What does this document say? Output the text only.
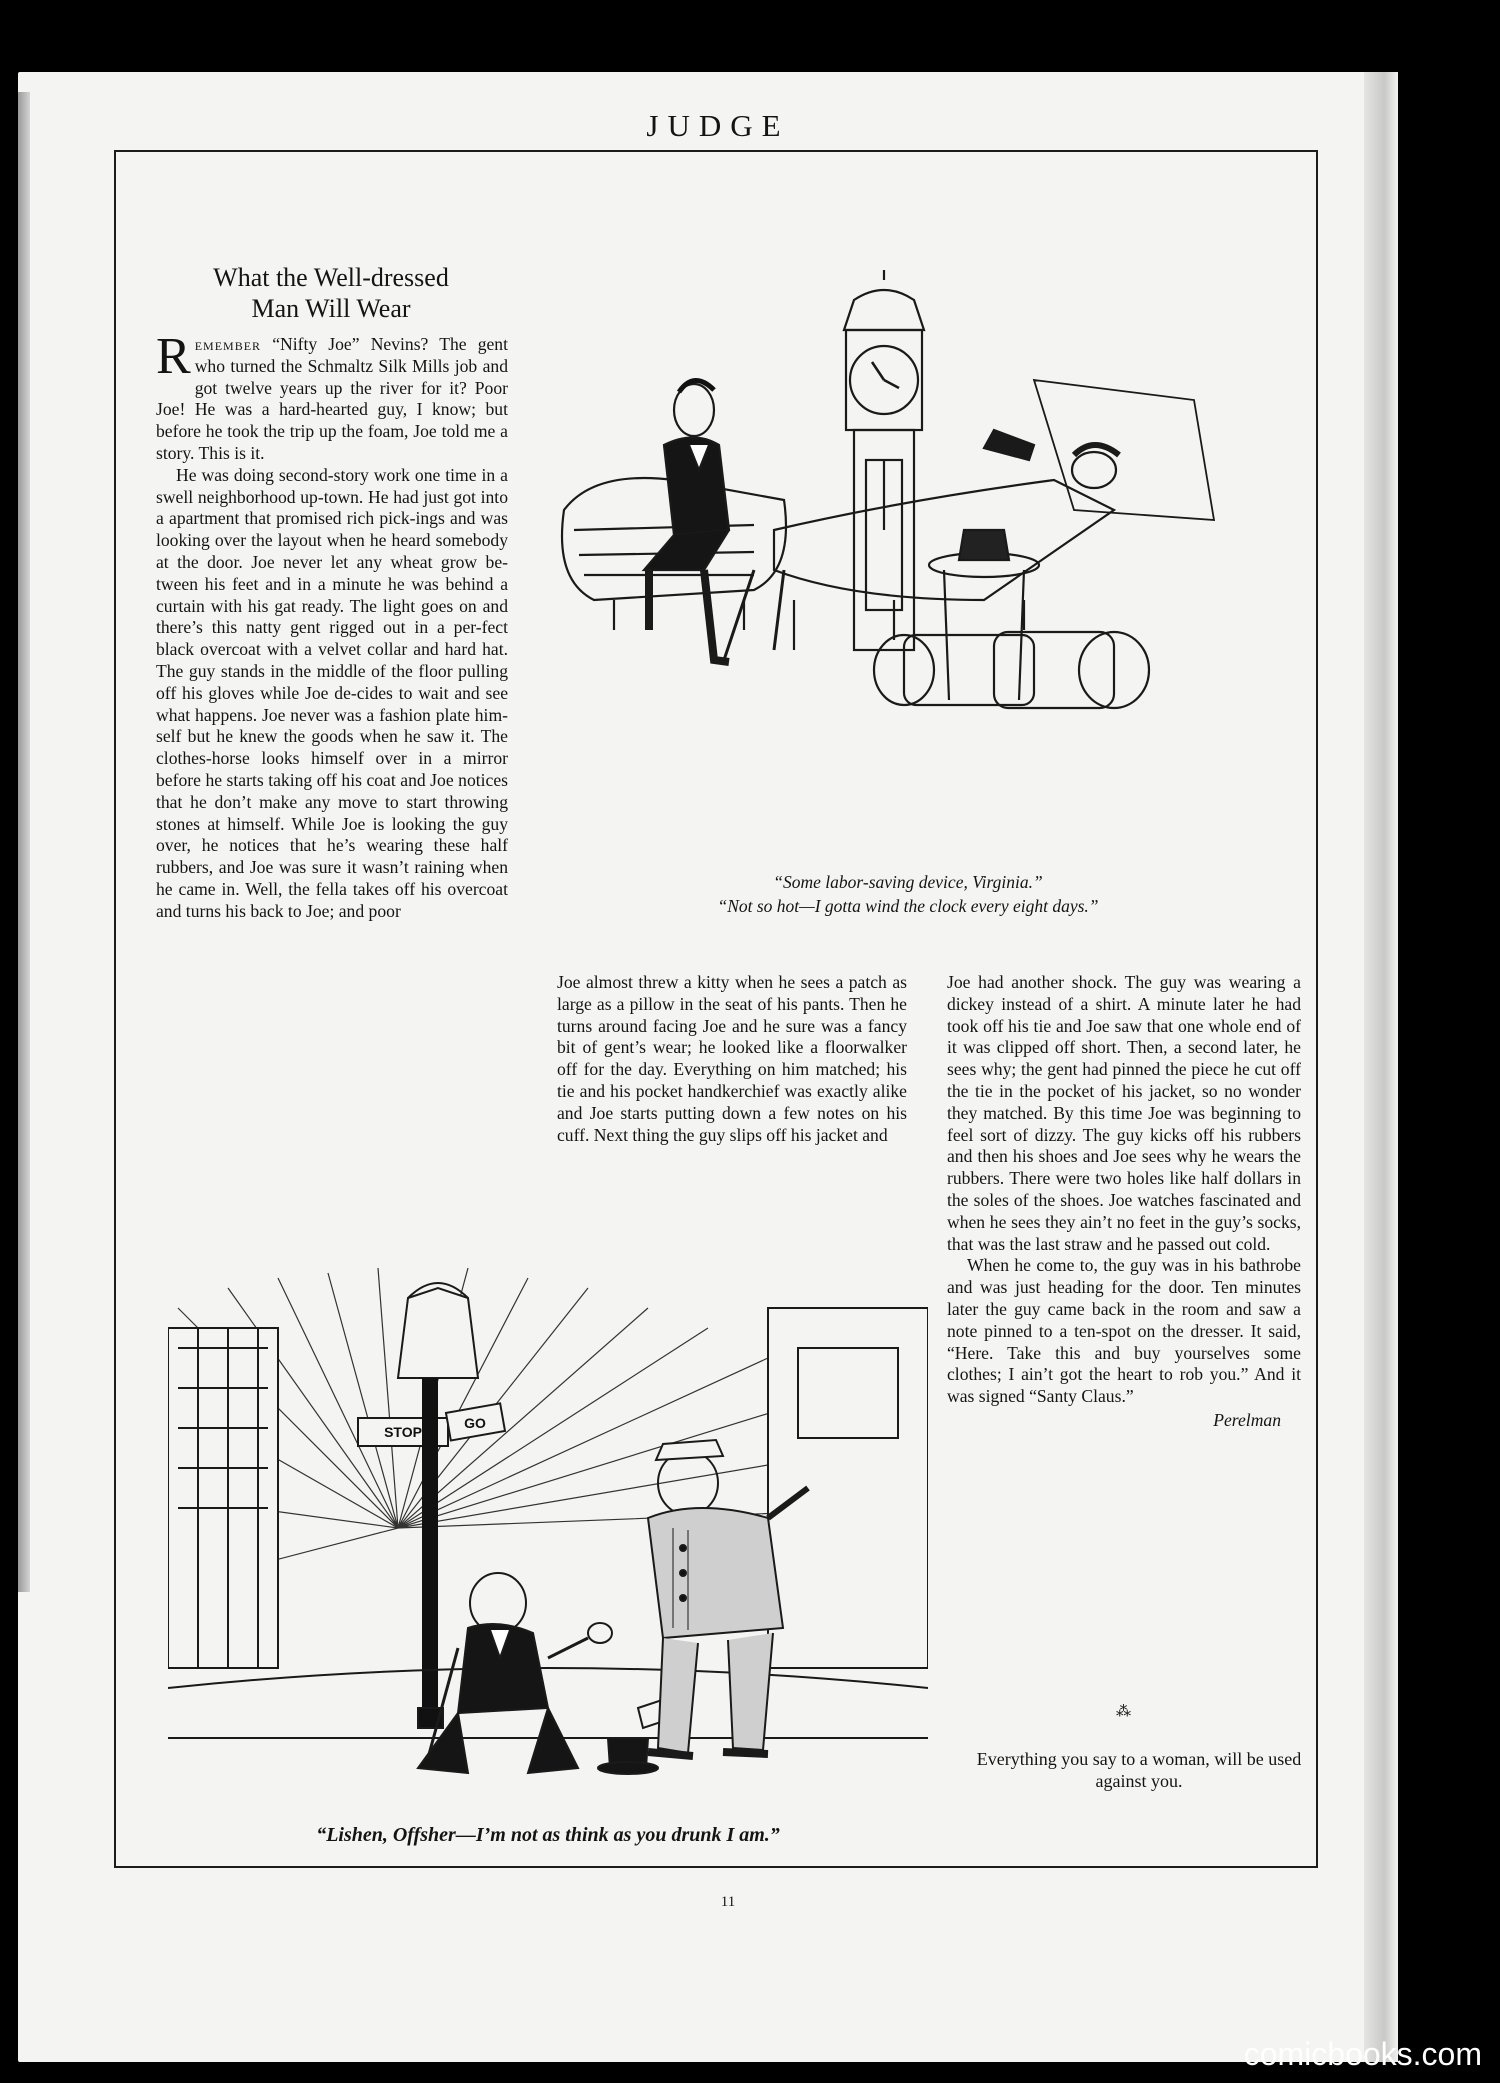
JUDGE
What the Well-dressed
Man Will Wear

Remember “Nifty Joe” Nevins? The gent who turned the Schmaltz Silk Mills job and got twelve years up the river for it? Poor Joe! He was a hard-hearted guy, I know; but before he took the trip up the foam, Joe told me a story. This is it.

He was doing second-story work one time in a swell neighborhood up-town. He had just got into a apartment that promised rich pick-ings and was looking over the layout when he heard somebody at the door. Joe never let any wheat grow be-tween his feet and in a minute he was behind a curtain with his gat ready. The light goes on and there’s this natty gent rigged out in a per-fect black overcoat with a velvet collar and hard hat. The guy stands in the middle of the floor pulling off his gloves while Joe de-cides to wait and see what happens. Joe never was a fashion plate him-self but he knew the goods when he saw it. The clothes-horse looks himself over in a mirror before he starts taking off his coat and Joe notices that he don’t make any move to start throwing stones at himself. While Joe is looking the guy over, he notices that he’s wearing these half rubbers, and Joe was sure it wasn’t raining when he came in. Well, the fella takes off his overcoat and turns his back to Joe; and poor

Joe almost threw a kitty when he sees a patch as large as a pillow in the seat of his pants. Then he turns around facing Joe and he sure was a fancy bit of gent’s wear; he looked like a floorwalker off for the day. Everything on him matched; his tie and his pocket handkerchief was exactly alike and Joe starts putting down a few notes on his cuff. Next thing the guy slips off his jacket and

Joe had another shock. The guy was wearing a dickey instead of a shirt. A minute later he had took off his tie and Joe saw that one whole end of it was clipped off short. Then, a second later, he sees why; the gent had pinned the piece he cut off the tie in the pocket of his jacket, so no wonder they matched. By this time Joe was beginning to feel sort of dizzy. The guy kicks off his rubbers and then his shoes and Joe sees why he wears the rubbers. There were two holes like half dollars in the soles of the shoes. Joe watches fascinated and when he sees they ain’t no feet in the guy’s socks, that was the last straw and he passed out cold.

When he come to, the guy was in his bathrobe and was just heading for the door. Ten minutes later the guy came back in the room and saw a note pinned to a ten-spot on the dresser. It said, “Here. Take this and buy yourselves some clothes; I ain’t got the heart to rob you.” And it was signed “Santy Claus.”

Perelman
⁂
Everything you say to a woman, will be used against you.
“Some labor-saving device, Virginia.”
“Not so hot—I gotta wind the clock every eight days.”
STOP
GO
“Lishen, Offsher—I’m not as think as you drunk I am.”
11
comicbooks.com
